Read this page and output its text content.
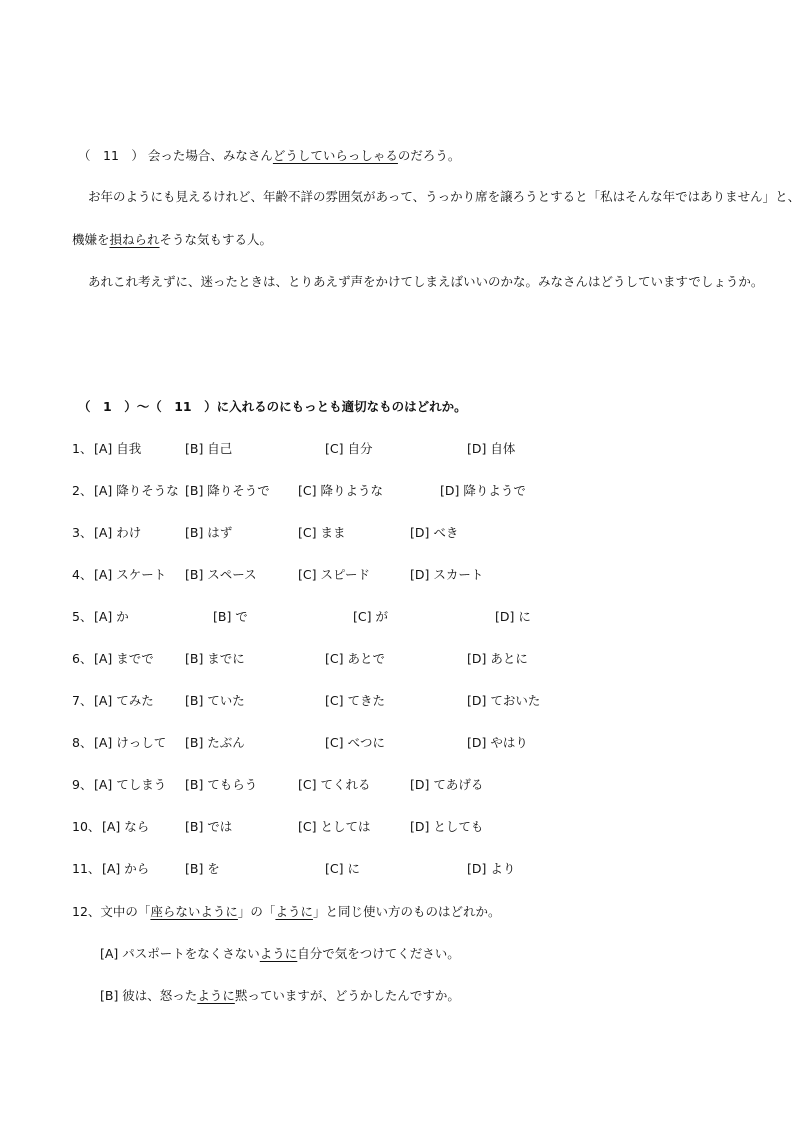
（　11　） 会った場合、みなさんどうしていらっしゃるのだろう。
お年のようにも見えるけれど、年齢不詳の雰囲気があって、うっかり席を譲ろうとすると「私はそんな年ではありません」と、
機嫌を損ねられそうな気もする人。
あれこれ考えずに、迷ったときは、とりあえず声をかけてしまえばいいのかな。みなさんはどうしていますでしょうか。
（　1　）～（　11　）に入れるのにもっとも適切なものはどれか。
1、 [A] 自我	[B] 自己	[C] 自分	[D] 自体
2、 [A] 降りそうな [B] 降りそうで [C] 降りような	[D] 降りようで
3、 [A] わけ	[B] はず	[C] まま	[D] べき
4、 [A] スケート [B] スペース	[C] スピード	[D] スカート
5、 [A] か	[B] で	[C] が	[D] に
6、 [A] までで [B] までに	[C] あとで	[D] あとに
7、 [A] てみた [B] ていた	[C] てきた	[D] ておいた
8、 [A] けっして [B] たぶん	[C] べつに	[D] やはり
9、 [A] てしまう [B] てもらう	[C] てくれる	[D] てあげる
10、 [A] なら	[B] では	[C] としては	[D] としても
11、 [A] から	[B] を	[C] に	[D] より
12、文中の「座らないように」の「ように」と同じ使い方のものはどれか。
[A] パスポートをなくさないように自分で気をつけてください。
[B] 彼は、怒ったように黙っていますが、どうかしたんですか。
